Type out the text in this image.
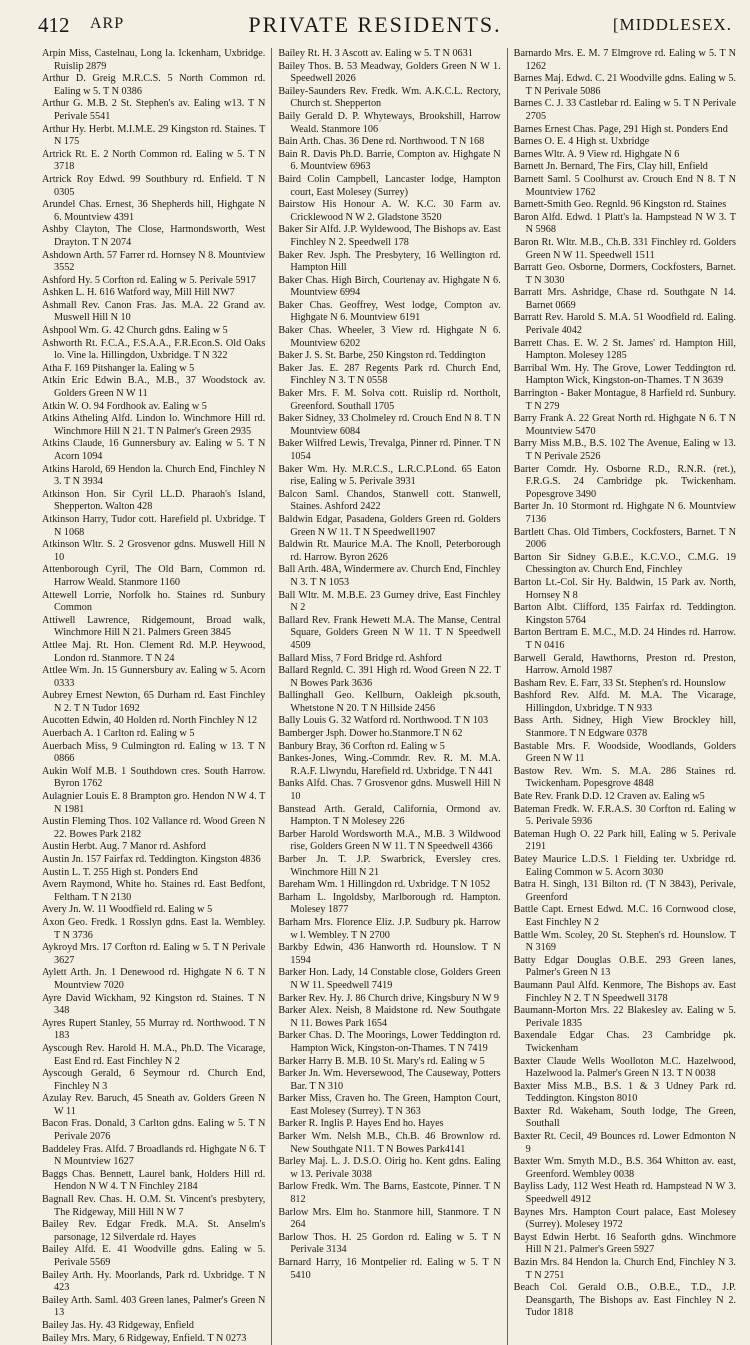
412 ARP	PRIVATE RESIDENTS.	[MIDDLESEX.

Arpin Miss, Castelnau, Long la. Ickenham, Uxbridge. Ruislip 2879

Arthur D. Greig M.R.C.S. 5 North Common rd. Ealing w 5. T N 0386

Arthur G. M.B. 2 St. Stephen's av. Ealing w13. T N Perivale 5541

Arthur Hy. Herbt. M.I.M.E. 29 Kingston rd. Staines. T N 175

Artrick Rt. E. 2 North Common rd. Ealing w 5. T N 3718

Artrick Roy Edwd. 99 Southbury rd. Enfield. T N 0305

Arundel Chas. Ernest, 36 Shepherds hill, Highgate N 6. Mountview 4391

Ashby Clayton, The Close, Harmondsworth, West Drayton. T N 2074

Ashdown Arth. 57 Farrer rd. Hornsey N 8. Mountview 3552

Ashford Hy. 5 Corfton rd. Ealing w 5. Perivale 5917

Ashken L. H. 616 Watford way, Mill Hill NW7

Ashmall Rev. Canon Fras. Jas. M.A. 22 Grand av. Muswell Hill N 10

Ashpool Wm. G. 42 Church gdns. Ealing w 5

Ashworth Rt. F.C.A., F.S.A.A., F.R.Econ.S. Old Oaks lo. Vine la. Hillingdon, Uxbridge. T N 322

Atha F. 169 Pitshanger la. Ealing w 5

Atkin Eric Edwin B.A., M.B., 37 Woodstock av. Golders Green N W 11

Atkin W. O. 94 Fordhook av. Ealing w 5

Atkins Atheling Alfd. Lindon lo. Winchmore Hill rd. Winchmore Hill N 21. T N Palmer's Green 2935

Atkins Claude, 16 Gunnersbury av. Ealing w 5. T N Acorn 1094

Atkins Harold, 69 Hendon la. Church End, Finchley N 3. T N 3934

Atkinson Hon. Sir Cyril LL.D. Pharaoh's Island, Shepperton. Walton 428

Atkinson Harry, Tudor cott. Harefield pl. Uxbridge. T N 1068

Atkinson Wltr. S. 2 Grosvenor gdns. Muswell Hill N 10

Attenborough Cyril, The Old Barn, Common rd. Harrow Weald. Stanmore 1160

Attewell Lorrie, Norfolk ho. Staines rd. Sunbury Common

Attiwell Lawrence, Ridgemount, Broad walk, Winchmore Hill N 21. Palmers Green 3845

Attlee Maj. Rt. Hon. Clement Rd. M.P. Heywood, London rd. Stanmore. T N 24

Attlee Wm. Jn. 15 Gunnersbury av. Ealing w 5. Acorn 0333

Aubrey Ernest Newton, 65 Durham rd. East Finchley N 2. T N Tudor 1692

Aucotten Edwin, 40 Holden rd. North Finchley N 12

Auerbach A. 1 Carlton rd. Ealing w 5

Auerbach Miss, 9 Culmington rd. Ealing w 13. T N 0866

Aukin Wolf M.B. 1 Southdown cres. South Harrow. Byron 1762

Aulagnier Louis E. 8 Brampton gro. Hendon N W 4. T N 1981

Austin Fleming Thos. 102 Vallance rd. Wood Green N 22. Bowes Park 2182

Austin Herbt. Aug. 7 Manor rd. Ashford

Austin Jn. 157 Fairfax rd. Teddington. Kingston 4836

Austin L. T. 255 High st. Ponders End

Avern Raymond, White ho. Staines rd. East Bedfont, Feltham. T N 2130

Avery Jn. W. 11 Woodfield rd. Ealing w 5

Axon Geo. Fredk. 1 Rosslyn gdns. East la. Wembley. T N 3736

Aykroyd Mrs. 17 Corfton rd. Ealing w 5. T N Perivale 3627

Aylett Arth. Jn. 1 Denewood rd. Highgate N 6. T N Mountview 7020

Ayre David Wickham, 92 Kingston rd. Staines. T N 348

Ayres Rupert Stanley, 55 Murray rd. Northwood. T N 183

Ayscough Rev. Harold H. M.A., Ph.D. The Vicarage, East End rd. East Finchley N 2

Ayscough Gerald, 6 Seymour rd. Church End, Finchley N 3

Azulay Rev. Baruch, 45 Sneath av. Golders Green N W 11

Bacon Fras. Donald, 3 Carlton gdns. Ealing w 5. T N Perivale 2076

Baddeley Fras. Alfd. 7 Broadlands rd. Highgate N 6. T N Mountview 1627

Baggs Chas. Bennett, Laurel bank, Holders Hill rd. Hendon N W 4. T N Finchley 2184

Bagnall Rev. Chas. H. O.M. St. Vincent's presbytery, The Ridgeway, Mill Hill N W 7

Bailey Rev. Edgar Fredk. M.A. St. Anselm's parsonage, 12 Silverdale rd. Hayes

Bailey Alfd. E. 41 Woodville gdns. Ealing w 5. Perivale 5569

Bailey Arth. Hy. Moorlands, Park rd. Uxbridge. T N 423

Bailey Arth. Saml. 403 Green lanes, Palmer's Green N 13

Bailey Jas. Hy. 43 Ridgeway, Enfield

Bailey Mrs. Mary, 6 Ridgeway, Enfield. T N 0273

Bailey Rt. H. 3 Ascott av. Ealing w 5. T N 0631

Bailey Thos. B. 53 Meadway, Golders Green N W 1. Speedwell 2026

Bailey-Saunders Rev. Fredk. Wm. A.K.C.L. Rectory, Church st. Shepperton

Baily Gerald D. P. Whyteways, Brookshill, Harrow Weald. Stanmore 106

Bain Arth. Chas. 36 Dene rd. Northwood. T N 168

Bain R. Davis Ph.D. Barrie, Compton av. Highgate N 6. Mountview 6963

Baird Colin Campbell, Lancaster lodge, Hampton court, East Molesey (Surrey)

Bairstow His Honour A. W. K.C. 30 Farm av. Cricklewood N W 2. Gladstone 3520

Baker Sir Alfd. J.P. Wyldewood, The Bishops av. East Finchley N 2. Speedwell 178

Baker Rev. Jsph. The Presbytery, 16 Wellington rd. Hampton Hill

Baker Chas. High Birch, Courtenay av. Highgate N 6. Mountview 6994

Baker Chas. Geoffrey, West lodge, Compton av. Highgate N 6. Mountview 6191

Baker Chas. Wheeler, 3 View rd. Highgate N 6. Mountview 6202

Baker J. S. St. Barbe, 250 Kingston rd. Teddington

Baker Jas. E. 287 Regents Park rd. Church End, Finchley N 3. T N 0558

Baker Mrs. F. M. Solva cott. Ruislip rd. Northolt, Greenford. Southall 1705

Baker Sidney, 33 Cholmeley rd. Crouch End N 8. T N Mountview 6084

Baker Wilfred Lewis, Trevalga, Pinner rd. Pinner. T N 1054

Baker Wm. Hy. M.R.C.S., L.R.C.P.Lond. 65 Eaton rise, Ealing w 5. Perivale 3931

Balcon Saml. Chandos, Stanwell cott. Stanwell, Staines. Ashford 2422

Baldwin Edgar, Pasadena, Golders Green rd. Golders Green N W 11. T N Speedwell1907

Baldwin Rt. Maurice M.A. The Knoll, Peterborough rd. Harrow. Byron 2626

Ball Arth. 48A, Windermere av. Church End, Finchley N 3. T N 1053

Ball Wltr. M. M.B.E. 23 Gurney drive, East Finchley N 2

Ballard Rev. Frank Hewett M.A. The Manse, Central Square, Golders Green N W 11. T N Speedwell 4509

Ballard Miss, 7 Ford Bridge rd. Ashford

Ballard Regnld. C. 391 High rd. Wood Green N 22. T N Bowes Park 3636

Ballinghall Geo. Kellburn, Oakleigh pk.south, Whetstone N 20. T N Hillside 2456

Bally Louis G. 32 Watford rd. Northwood. T N 103

Bamberger Jsph. Dower ho.Stanmore.T N 62

Banbury Bray, 36 Corfton rd. Ealing w 5

Bankes-Jones, Wing.-Commdr. Rev. R. M. M.A. R.A.F. Llwyndu, Harefield rd. Uxbridge. T N 441

Banks Alfd. Chas. 7 Grosvenor gdns. Muswell Hill N 10

Banstead Arth. Gerald, California, Ormond av. Hampton. T N Molesey 226

Barber Harold Wordsworth M.A., M.B. 3 Wildwood rise, Golders Green N W 11. T N Speedwell 4366

Barber Jn. T. J.P. Swarbrick, Eversley cres. Winchmore Hill N 21

Bareham Wm. 1 Hillingdon rd. Uxbridge. T N 1052

Barham L. Ingoldsby, Marlborough rd. Hampton. Molesey 1877

Barham Mrs. Florence Eliz. J.P. Sudbury pk. Harrow w l. Wembley. T N 2700

Barkby Edwin, 436 Hanworth rd. Hounslow. T N 1594

Barker Hon. Lady, 14 Constable close, Golders Green N W 11. Speedwell 7419

Barker Rev. Hy. J. 86 Church drive, Kingsbury N W 9

Barker Alex. Neish, 8 Maidstone rd. New Southgate N 11. Bowes Park 1654

Barker Chas. D. The Moorings, Lower Teddington rd. Hampton Wick, Kingston-on-Thames. T N 7419

Barker Harry B. M.B. 10 St. Mary's rd. Ealing w 5

Barker Jn. Wm. Heversewood, The Causeway, Potters Bar. T N 310

Barker Miss, Craven ho. The Green, Hampton Court, East Molesey (Surrey). T N 363

Barker R. Inglis P. Hayes End ho. Hayes

Barker Wm. Nelsh M.B., Ch.B. 46 Brownlow rd. New Southgate N11. T N Bowes Park4141

Barley Maj. L. J. D.S.O. Oirig ho. Kent gdns. Ealing w 13. Perivale 3038

Barlow Fredk. Wm. The Barns, Eastcote, Pinner. T N 812

Barlow Mrs. Elm ho. Stanmore hill, Stanmore. T N 264

Barlow Thos. H. 25 Gordon rd. Ealing w 5. T N Perivale 3134

Barnard Harry, 16 Montpelier rd. Ealing w 5. T N 5410

Barnardo Mrs. E. M. 7 Elmgrove rd. Ealing w 5. T N 1262

Barnes Maj. Edwd. C. 21 Woodville gdns. Ealing w 5. T N Perivale 5086

Barnes C. J. 33 Castlebar rd. Ealing w 5. T N Perivale 2705

Barnes Ernest Chas. Page, 291 High st. Ponders End

Barnes O. E. 4 High st. Uxbridge

Barnes Wltr. A. 9 View rd. Highgate N 6

Barnett Jn. Bernard, The Firs, Clay hill, Enfield

Barnett Saml. 5 Coolhurst av. Crouch End N 8. T N Mountview 1762

Barnett-Smith Geo. Regnld. 96 Kingston rd. Staines

Baron Alfd. Edwd. 1 Platt's la. Hampstead N W 3. T N 5968

Baron Rt. Wltr. M.B., Ch.B. 331 Finchley rd. Golders Green N W 11. Speedwell 1511

Barratt Geo. Osborne, Dormers, Cockfosters, Barnet. T N 3030

Barratt Mrs. Ashridge, Chase rd. Southgate N 14. Barnet 0669

Barratt Rev. Harold S. M.A. 51 Woodfield rd. Ealing. Perivale 4042

Barrett Chas. E. W. 2 St. James' rd. Hampton Hill, Hampton. Molesey 1285

Barribal Wm. Hy. The Grove, Lower Teddington rd. Hampton Wick, Kingston-on-Thames. T N 3639

Barrington - Baker Montague, 8 Harfield rd. Sunbury. T N 279

Barry Frank A. 22 Great North rd. Highgate N 6. T N Mountview 5470

Barry Miss M.B., B.S. 102 The Avenue, Ealing w 13. T N Perivale 2526

Barter Comdr. Hy. Osborne R.D., R.N.R. (ret.), F.R.G.S. 24 Cambridge pk. Twickenham. Popesgrove 3490

Barter Jn. 10 Stormont rd. Highgate N 6. Mountview 7136

Bartlett Chas. Old Timbers, Cockfosters, Barnet. T N 2006

Barton Sir Sidney G.B.E., K.C.V.O., C.M.G. 19 Chessington av. Church End, Finchley

Barton Lt.-Col. Sir Hy. Baldwin, 15 Park av. North, Hornsey N 8

Barton Albt. Clifford, 135 Fairfax rd. Teddington. Kingston 5764

Barton Bertram E. M.C., M.D. 24 Hindes rd. Harrow. T N 0416

Barwell Gerald, Hawthorns, Preston rd. Preston, Harrow. Arnold 1987

Basham Rev. E. Farr, 33 St. Stephen's rd. Hounslow

Bashford Rev. Alfd. M. M.A. The Vicarage, Hillingdon, Uxbridge. T N 933

Bass Arth. Sidney, High View Brockley hill, Stanmore. T N Edgware 0378

Bastable Mrs. F. Woodside, Woodlands, Golders Green N W 11

Bastow Rev. Wm. S. M.A. 286 Staines rd. Twickenham. Popesgrove 4848

Bate Rev. Frank D.D. 12 Craven av. Ealing w5

Bateman Fredk. W. F.R.A.S. 30 Corfton rd. Ealing w 5. Perivale 5936

Bateman Hugh O. 22 Park hill, Ealing w 5. Perivale 2191

Batey Maurice L.D.S. 1 Fielding ter. Uxbridge rd. Ealing Common w 5. Acorn 3030

Batra H. Singh, 131 Bilton rd. (T N 3843), Perivale, Greenford

Battle Capt. Ernest Edwd. M.C. 16 Cornwood close, East Finchley N 2

Battle Wm. Scoley, 20 St. Stephen's rd. Hounslow. T N 3169

Batty Edgar Douglas O.B.E. 293 Green lanes, Palmer's Green N 13

Baumann Paul Alfd. Kenmore, The Bishops av. East Finchley N 2. T N Speedwell 3178

Baumann-Morton Mrs. 22 Blakesley av. Ealing w 5. Perivale 1835

Baxendale Edgar Chas. 23 Cambridge pk. Twickenham

Baxter Claude Wells Woolloton M.C. Hazelwood, Hazelwood la. Palmer's Green N 13. T N 0038

Baxter Miss M.B., B.S. 1 & 3 Udney Park rd. Teddington. Kingston 8010

Baxter Rd. Wakeham, South lodge, The Green, Southall

Baxter Rt. Cecil, 49 Bounces rd. Lower Edmonton N 9

Baxter Wm. Smyth M.D., B.S. 364 Whitton av. east, Greenford. Wembley 0038

Bayliss Lady, 112 West Heath rd. Hampstead N W 3. Speedwell 4912

Baynes Mrs. Hampton Court palace, East Molesey (Surrey). Molesey 1972

Bayst Edwin Herbt. 16 Seaforth gdns. Winchmore Hill N 21. Palmer's Green 5927

Bazin Mrs. 84 Hendon la. Church End, Finchley N 3. T N 2751

Beach Col. Gerald O.B., O.B.E., T.D., J.P. Deansgarth, The Bishops av. East Finchley N 2. Tudor 1818
